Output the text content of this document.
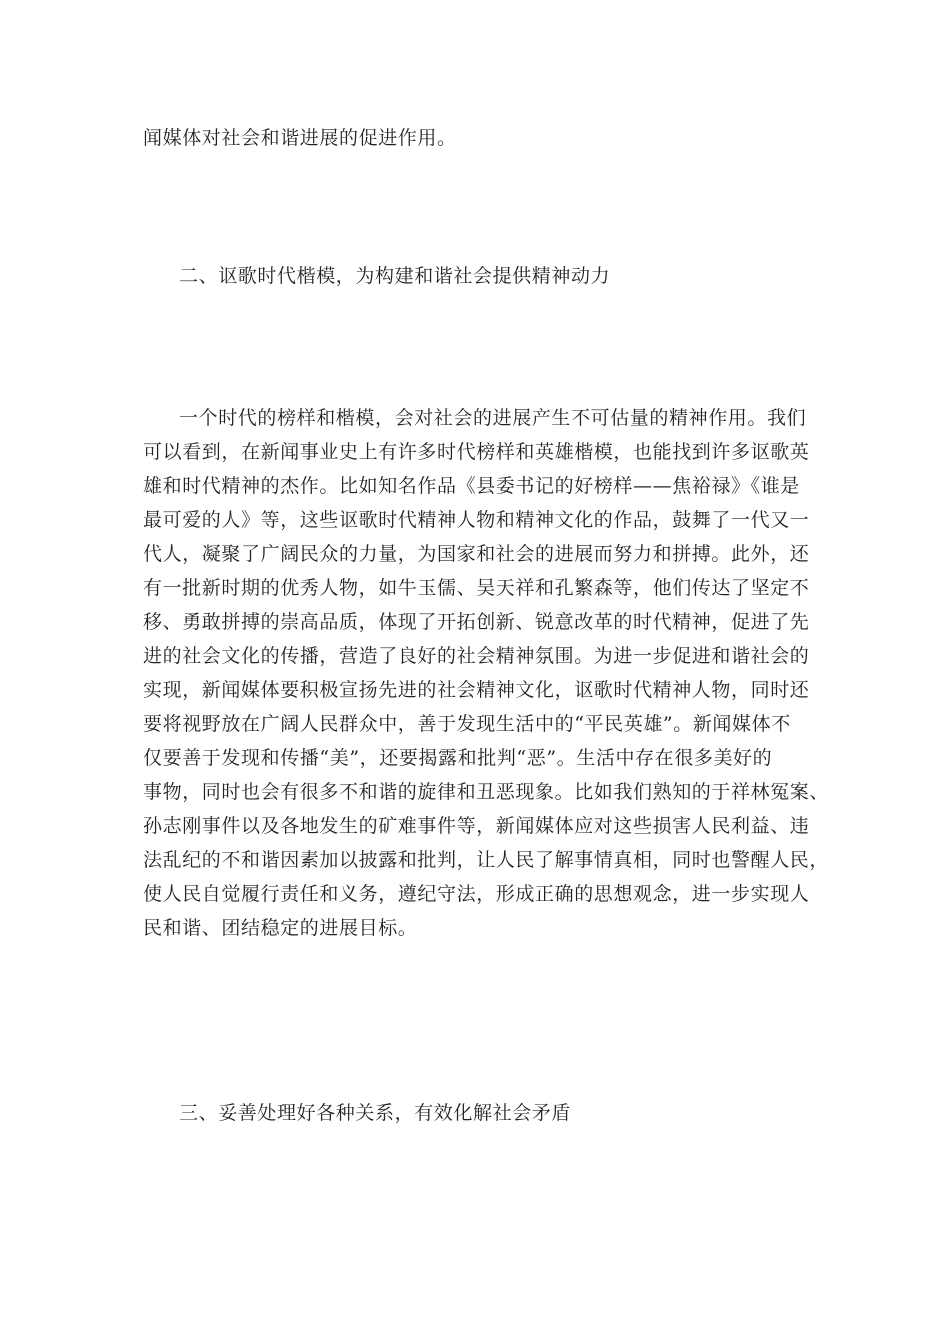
闻媒体对社会和谐进展的促进作用。
二、讴歌时代楷模，为构建和谐社会提供精神动力
一个时代的榜样和楷模，会对社会的进展产生不可估量的精神作用。我们
可以看到，在新闻事业史上有许多时代榜样和英雄楷模，也能找到许多讴歌英
雄和时代精神的杰作。比如知名作品《县委书记的好榜样——焦裕禄》《谁是
最可爱的人》等，这些讴歌时代精神人物和精神文化的作品，鼓舞了一代又一
代人，凝聚了广阔民众的力量，为国家和社会的进展而努力和拼搏。此外，还
有一批新时期的优秀人物，如牛玉儒、吴天祥和孔繁森等，他们传达了坚定不
移、勇敢拼搏的崇高品质，体现了开拓创新、锐意改革的时代精神，促进了先
进的社会文化的传播，营造了良好的社会精神氛围。为进一步促进和谐社会的
实现，新闻媒体要积极宣扬先进的社会精神文化，讴歌时代精神人物，同时还
要将视野放在广阔人民群众中，善于发现生活中的“平民英雄”。新闻媒体不
仅要善于发现和传播“美”，还要揭露和批判“恶”。生活中存在很多美好的
事物，同时也会有很多不和谐的旋律和丑恶现象。比如我们熟知的于祥林冤案、
孙志刚事件以及各地发生的矿难事件等，新闻媒体应对这些损害人民利益、违
法乱纪的不和谐因素加以披露和批判，让人民了解事情真相，同时也警醒人民，
使人民自觉履行责任和义务，遵纪守法，形成正确的思想观念，进一步实现人
民和谐、团结稳定的进展目标。
三、妥善处理好各种关系，有效化解社会矛盾
